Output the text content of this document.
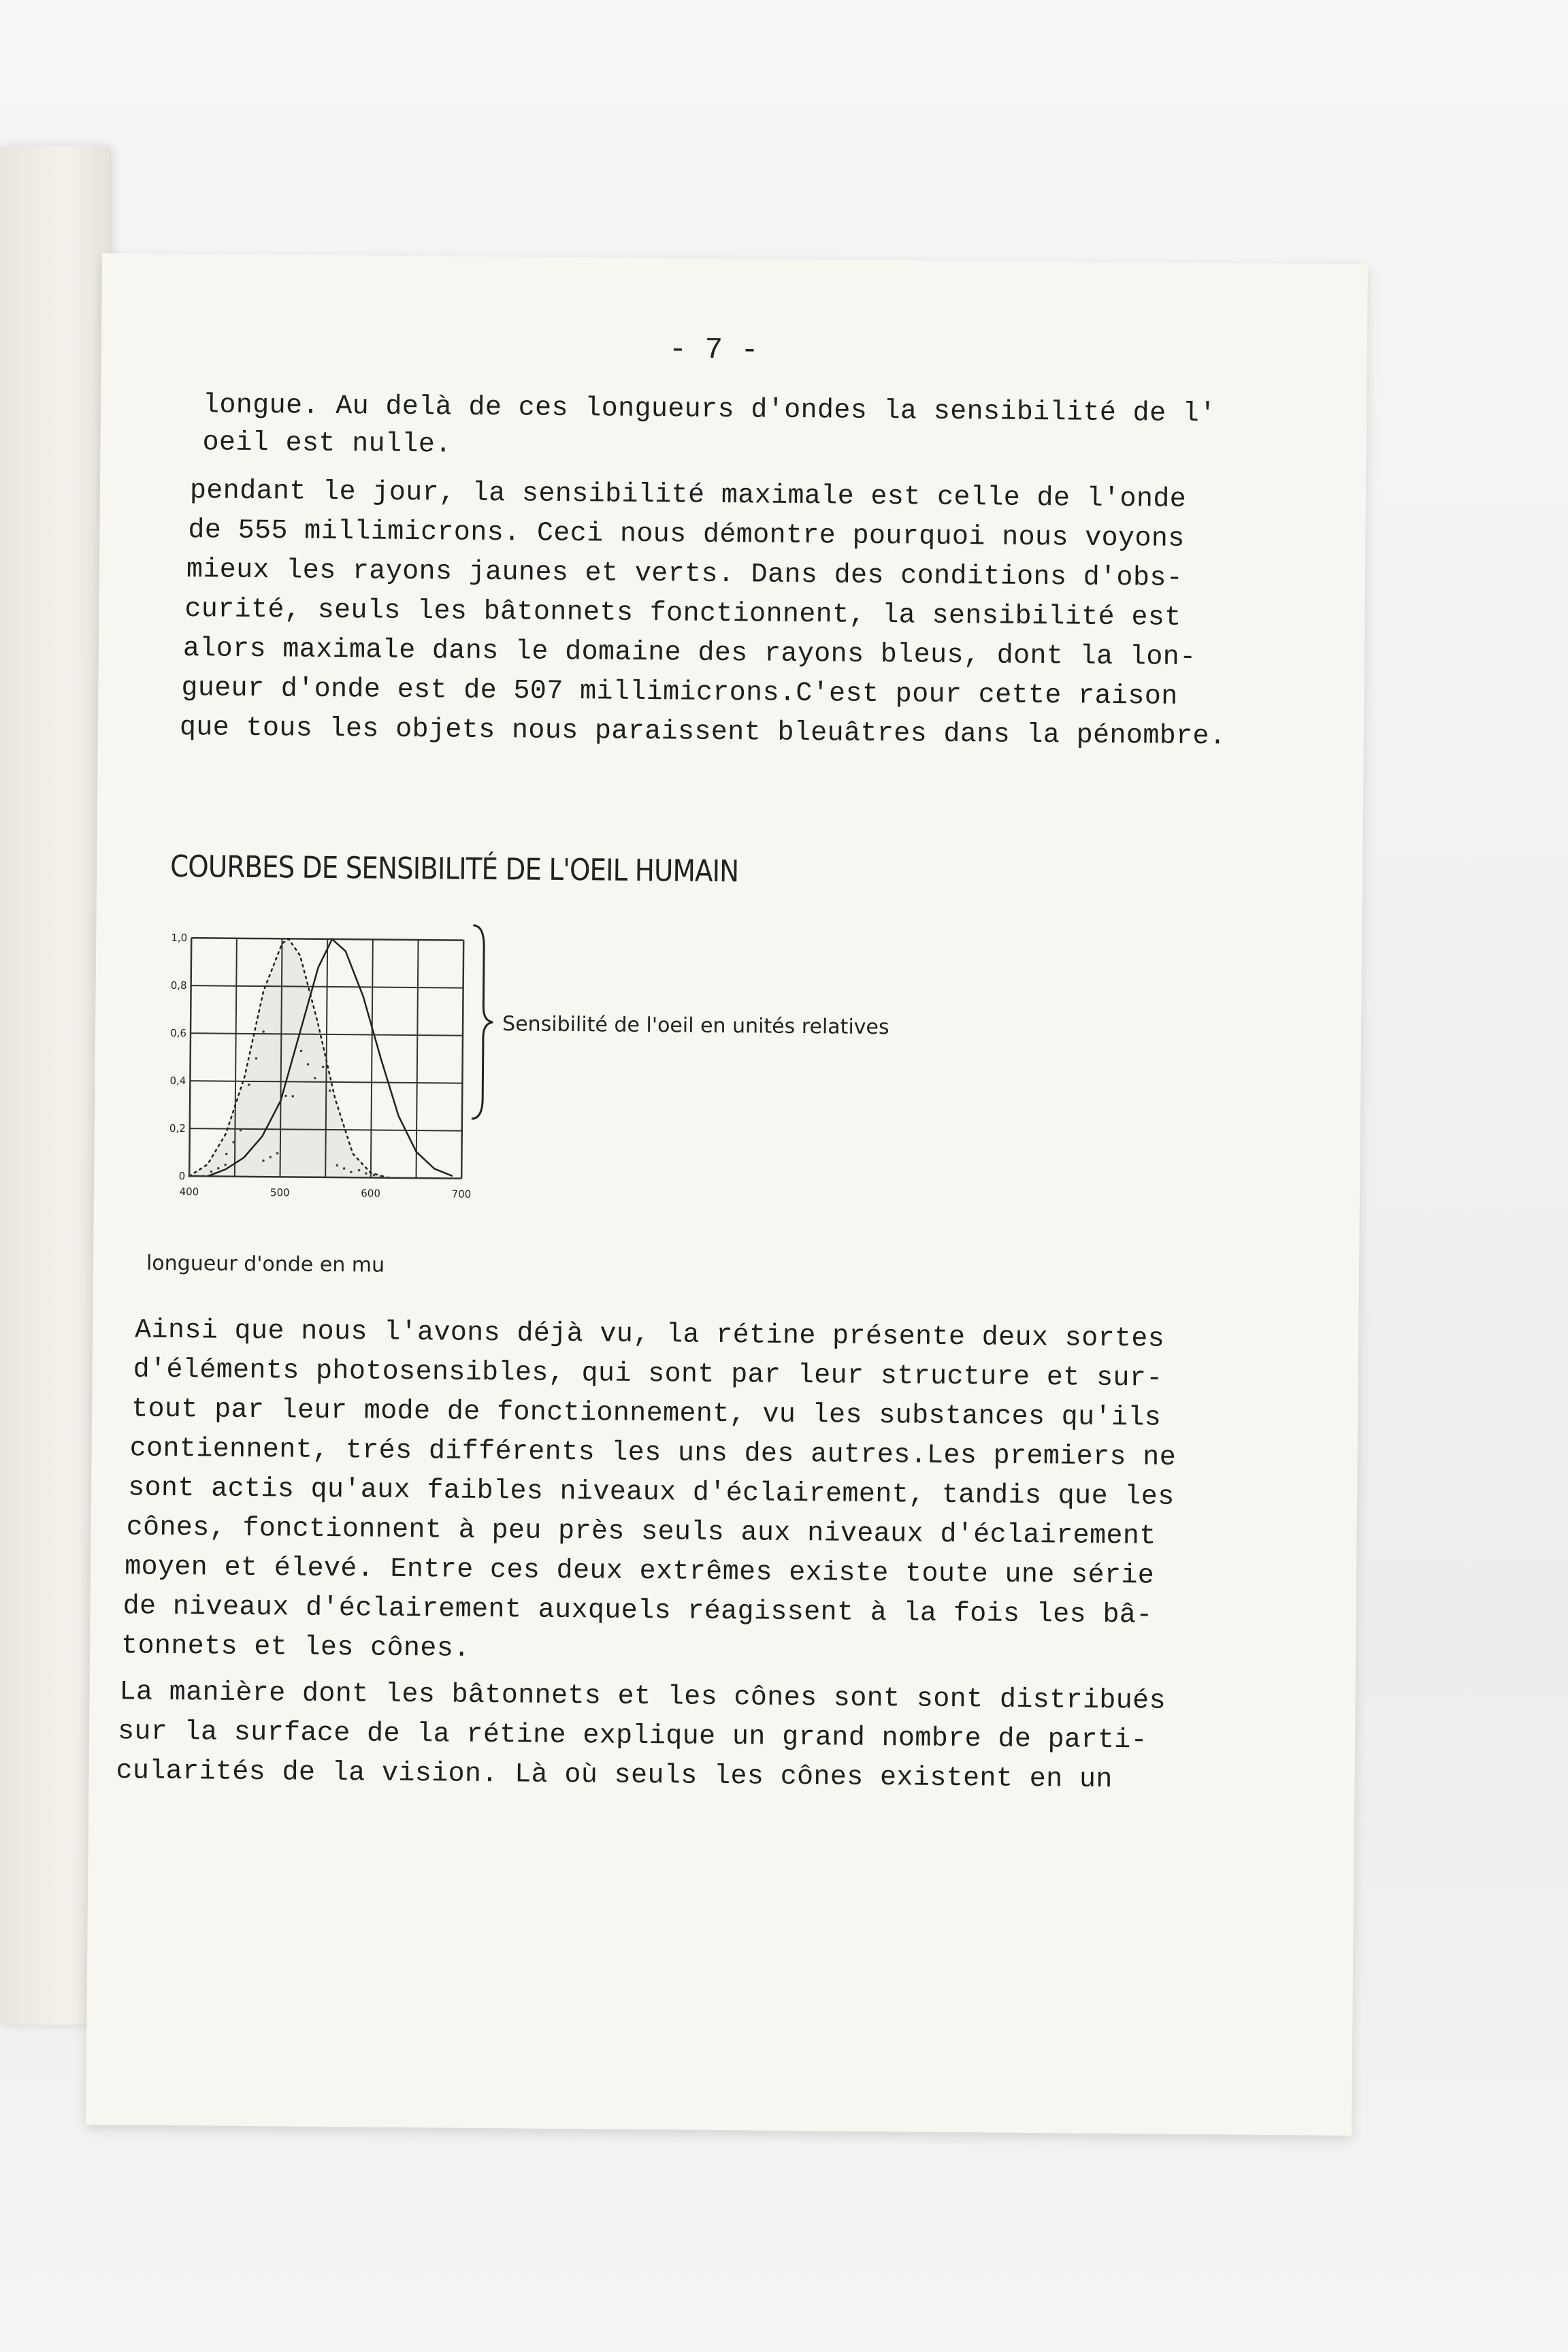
- 7 -
longue. Au delà de ces longueurs d'ondes la sensibilité de l'
oeil est nulle.
pendant le jour, la sensibilité maximale est celle de l'onde
de 555 millimicrons. Ceci nous démontre pourquoi nous voyons
mieux les rayons jaunes et verts. Dans des conditions d'obs-
curité, seuls les bâtonnets fonctionnent, la sensibilité est
alors maximale dans le domaine des rayons bleus, dont la lon-
gueur d'onde est de 507 millimicrons.C'est pour cette raison
que tous les objets nous paraissent bleuâtres dans la pénombre.
COURBES DE SENSIBILITÉ DE L'OEIL HUMAIN
0
0,2
0,4
0,6
0,8
1,0
400	500	600	700
Sensibilité de l'oeil en unités relatives
longueur d'onde en mu
Ainsi que nous l'avons déjà vu, la rétine présente deux sortes
d'éléments photosensibles, qui sont par leur structure et sur-
tout par leur mode de fonctionnement, vu les substances qu'ils
contiennent, trés différents les uns des autres.Les premiers ne
sont actis qu'aux faibles niveaux d'éclairement, tandis que les
cônes, fonctionnent à peu près seuls aux niveaux d'éclairement
moyen et élevé. Entre ces deux extrêmes existe toute une série
de niveaux d'éclairement auxquels réagissent à la fois les bâ-
tonnets et les cônes.
La manière dont les bâtonnets et les cônes sont sont distribués
sur la surface de la rétine explique un grand nombre de parti-
cularités de la vision. Là où seuls les cônes existent en un
